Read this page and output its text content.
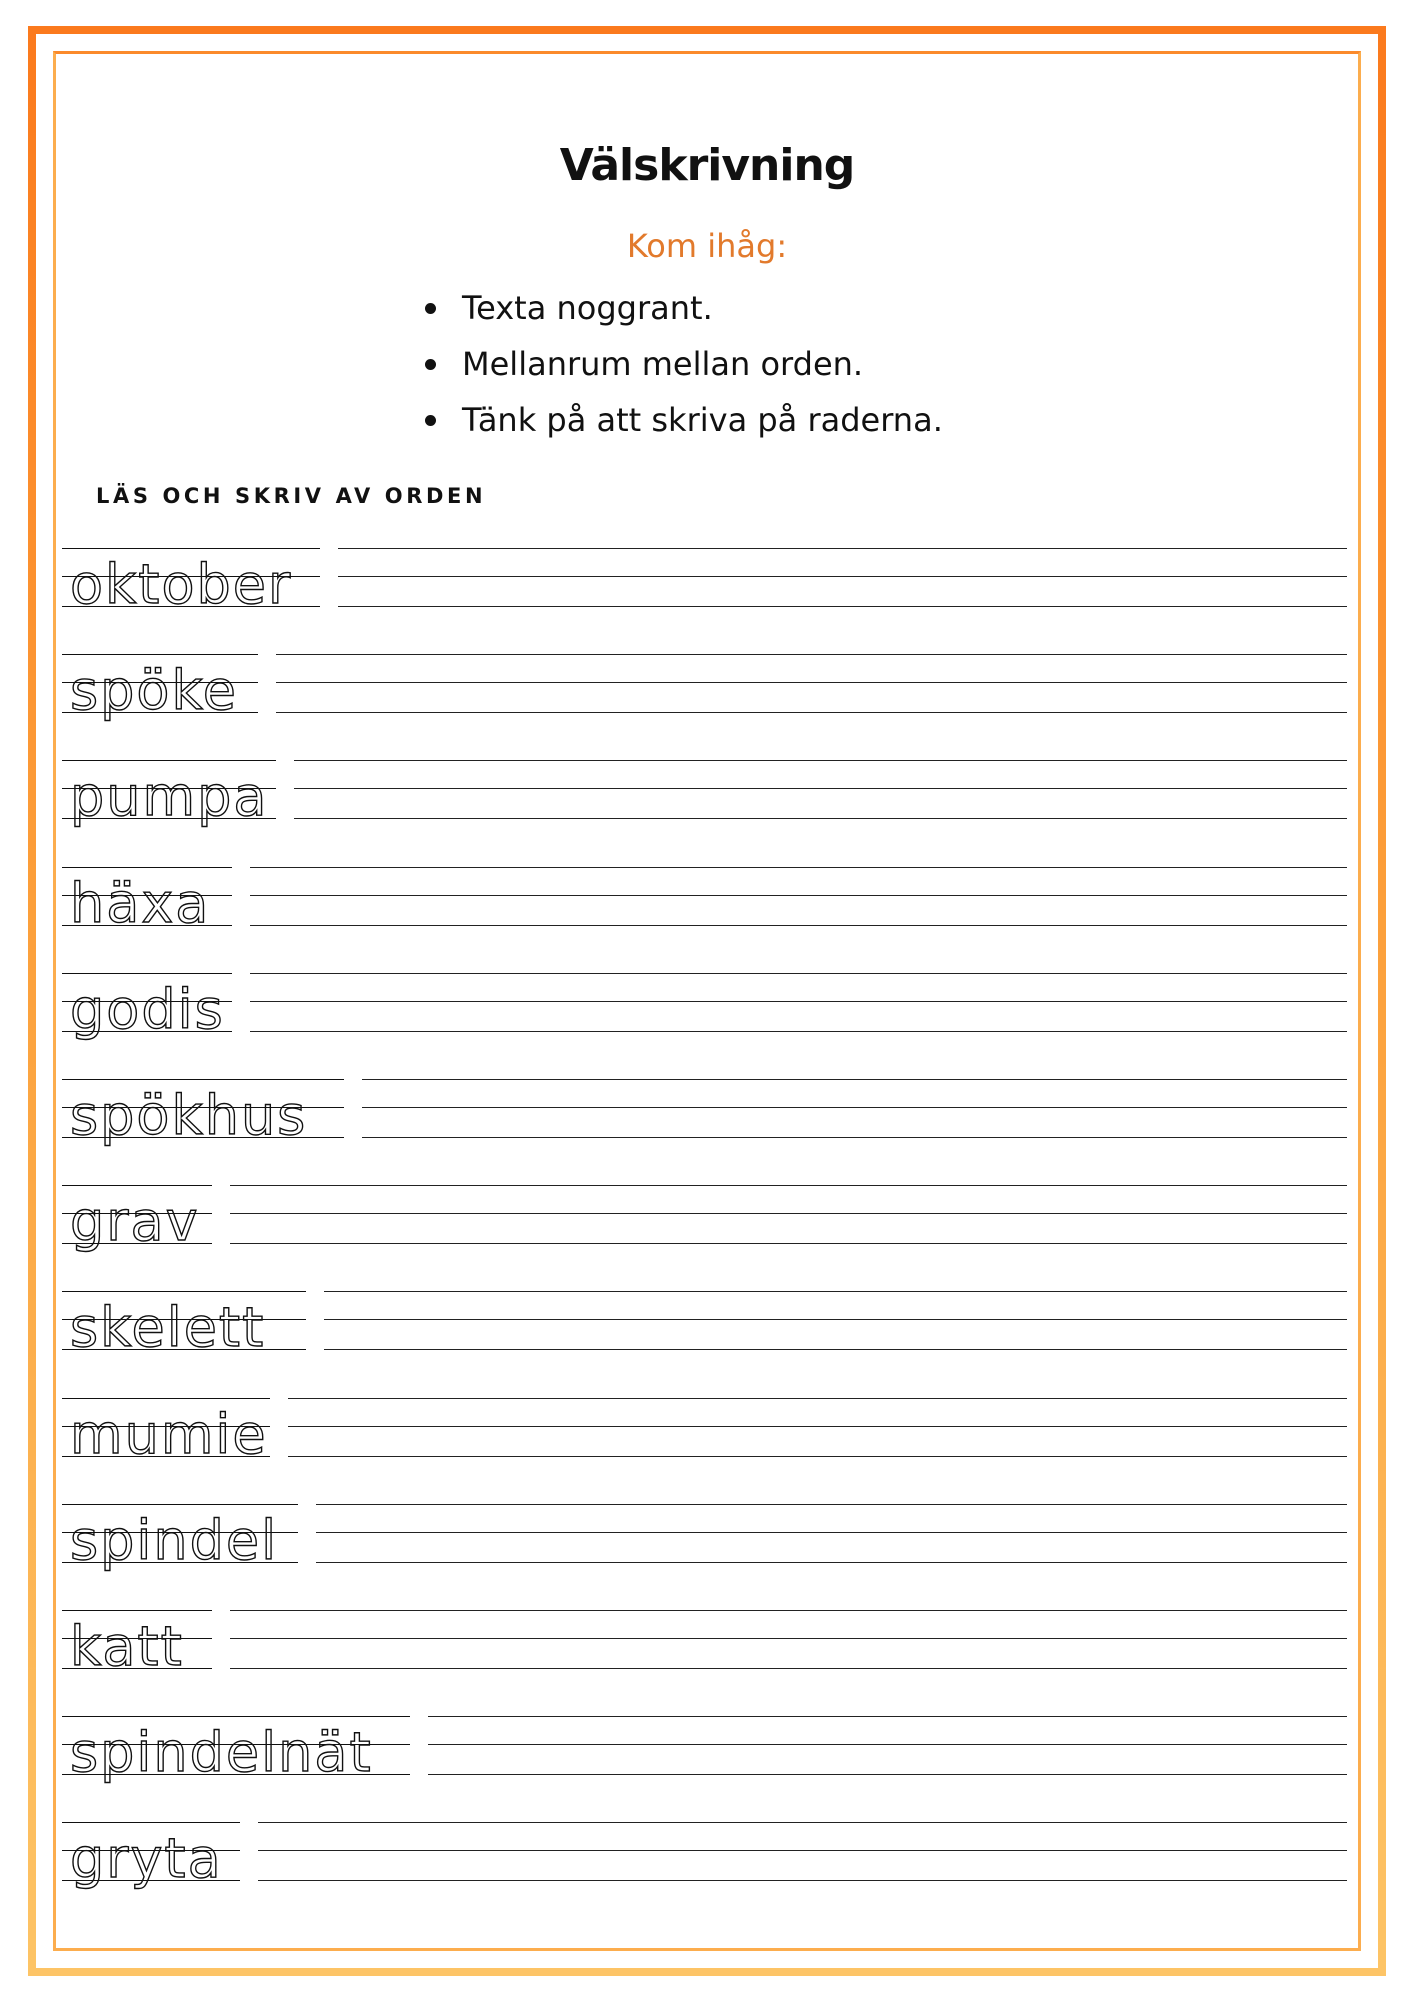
Välskrivning
Kom ihåg:
Texta noggrant.
Mellanrum mellan orden.
Tänk på att skriva på raderna.
LÄS OCH SKRIV AV ORDEN
oktober
spöke
pumpa
häxa
godis
spökhus
grav
skelett
mumie
spindel
katt
spindelnät
gryta
